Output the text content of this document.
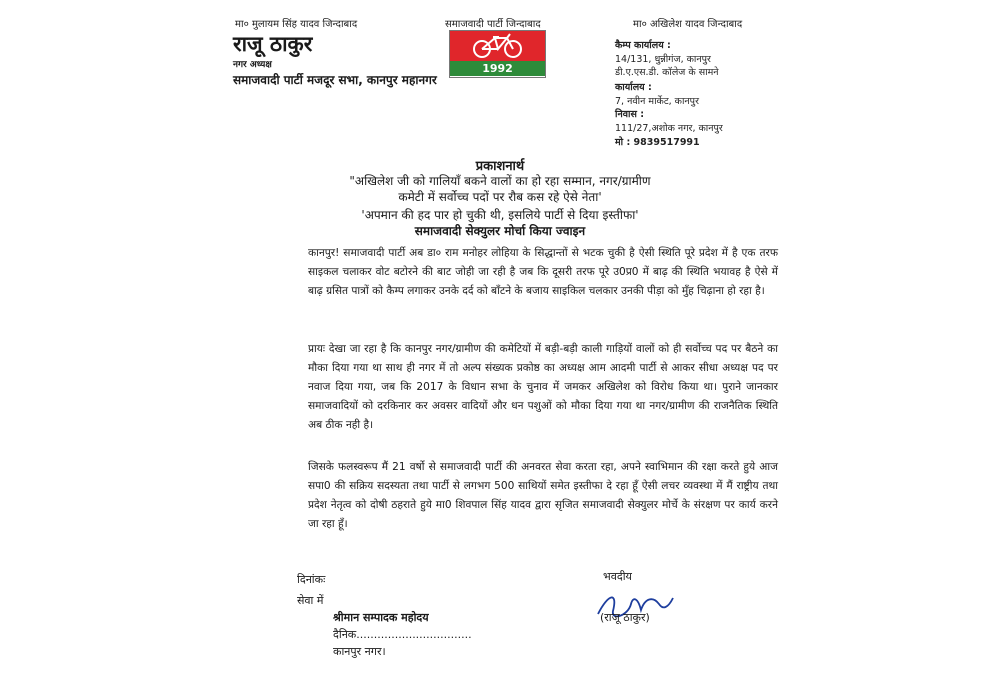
मा० मुलायम सिंह यादव जिन्दाबाद	समाजवादी पार्टी जिन्दाबाद	मा० अखिलेश यादव जिन्दाबाद
राजू ठाकुर
नगर अध्यक्ष
समाजवादी पार्टी मजदूर सभा, कानपुर महानगर
1992
कैम्प कार्यालय :
14/131, धुन्नीगंज, कानपुर
डी.ए.एस.डी. कॉलेज के सामने
कार्यालय :
7, नवीन मार्केट, कानपुर
निवास :
111/27,अशोक नगर, कानपुर
मो : 9839517991
प्रकाशनार्थ
"अखिलेश जी को गालियाँ बकने वालों का हो रहा सम्मान, नगर/ग्रामीण
कमेटी में सर्वोच्च पदों पर रौब कस रहे ऐसे नेता'
'अपमान की हद पार हो चुकी थी, इसलिये पार्टी से दिया इस्तीफा'
समाजवादी सेक्युलर मोर्चा किया ज्वाइन
कानपुर! समाजवादी पार्टी अब डा० राम मनोहर लोहिया के सिद्धान्तों से भटक चुकी है ऐसी स्थिति पूरे प्रदेश में है एक तरफ साइकल चलाकर वोट बटोरने की बाट जोही जा रही है जब कि दूसरी तरफ पूरे उ0प्र0 में बाढ़ की स्थिति भयावह है ऐसे में बाढ़ ग्रसित पात्रों को कैम्प लगाकर उनके दर्द को बाँटने के बजाय साइकिल चलकार उनकी पीड़ा को मुँह चिढ़ाना हो रहा है।
प्रायः देखा जा रहा है कि कानपुर नगर/ग्रामीण की कमेटियों में बड़ी-बड़ी काली गाड़ियों वालों को ही सर्वोच्च पद पर बैठने का मौका दिया गया था साथ ही नगर में तो अल्प संख्यक प्रकोष्ठ का अध्यक्ष आम आदमी पार्टी से आकर सीधा अध्यक्ष पद पर नवाज दिया गया, जब कि 2017 के विधान सभा के चुनाव में जमकर अखिलेश को विरोध किया था। पुराने जानकार समाजवादियों को दरकिनार कर अवसर वादियों और धन पशुओं को मौका दिया गया था नगर/ग्रामीण की राजनैतिक स्थिति अब ठीक नही है।
जिसके फलस्वरूप मैं 21 वर्षो से समाजवादी पार्टी की अनवरत सेवा करता रहा, अपने स्वाभिमान की रक्षा करते हुये आज सपा0 की सक्रिय सदस्यता तथा पार्टी से लगभग 500 साथियों समेत इस्तीफा दे रहा हूँ ऐसी लचर व्यवस्था में मैं राष्ट्रीय तथा प्रदेश नेतृत्व को दोषी ठहराते हुये मा0 शिवपाल सिंह यादव द्वारा सृजित समाजवादी सेक्युलर मोर्चे के संरक्षण पर कार्य करने जा रहा हूँ।
दिनांकः
सेवा में
श्रीमान सम्पादक महोदय
दैनिक.................................
कानपुर नगर।
भवदीय
(राजू ठाकुर)
